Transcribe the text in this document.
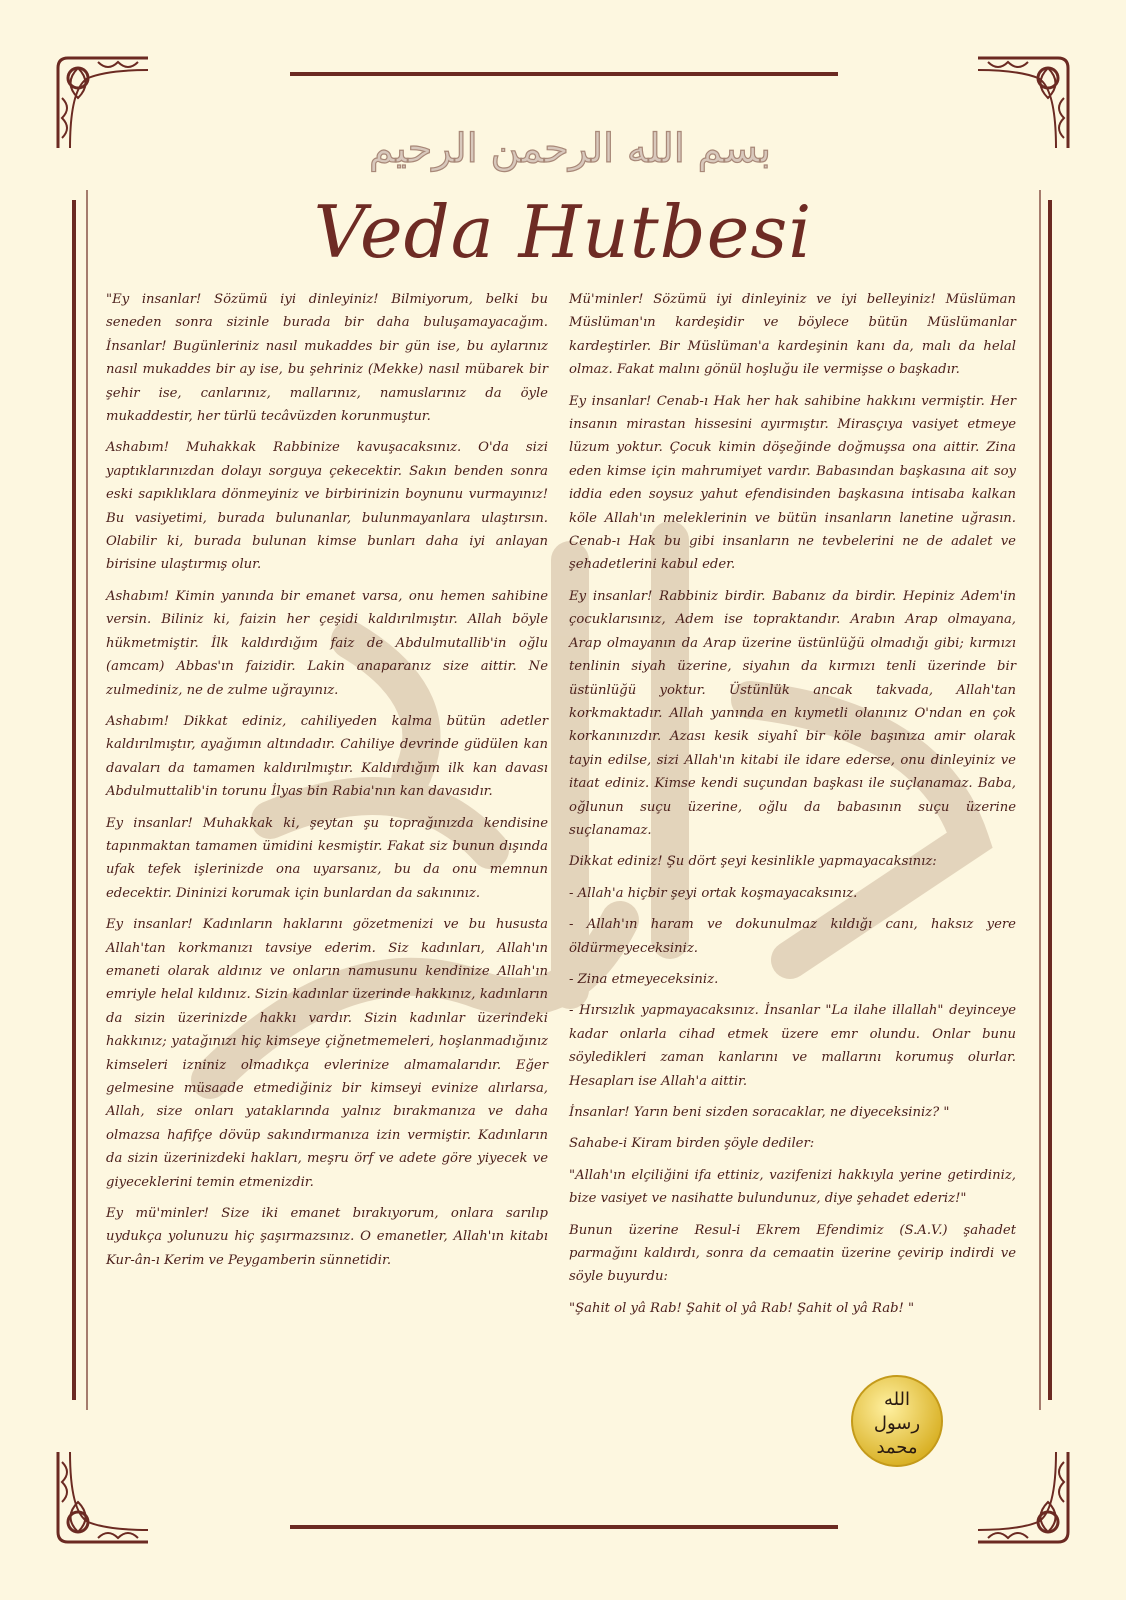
بسم الله الرحمن الرحيم
Veda Hutbesi

"Ey insanlar! Sözümü iyi dinleyiniz! Bilmiyorum, belki bu seneden sonra sizinle burada bir daha buluşamayacağım. İnsanlar! Bugünleriniz nasıl mukaddes bir gün ise, bu aylarınız nasıl mukaddes bir ay ise, bu şehriniz (Mekke) nasıl mübarek bir şehir ise, canlarınız, mallarınız, namuslarınız da öyle mukaddestir, her türlü tecâvüzden korunmuştur.

Ashabım! Muhakkak Rabbinize kavuşacaksınız. O'da sizi yaptıklarınızdan dolayı sorguya çekecektir. Sakın benden sonra eski sapıklıklara dönmeyiniz ve birbirinizin boynunu vurmayınız! Bu vasiyetimi, burada bulunanlar, bulunmayanlara ulaştırsın. Olabilir ki, burada bulunan kimse bunları daha iyi anlayan birisine ulaştırmış olur.

Ashabım! Kimin yanında bir emanet varsa, onu hemen sahibine versin. Biliniz ki, faizin her çeşidi kaldırılmıştır. Allah böyle hükmetmiştir. İlk kaldırdığım faiz de Abdulmutallib'in oğlu (amcam) Abbas'ın faizidir. Lakin anaparanız size aittir. Ne zulmediniz, ne de zulme uğrayınız.

Ashabım! Dikkat ediniz, cahiliyeden kalma bütün adetler kaldırılmıştır, ayağımın altındadır. Cahiliye devrinde güdülen kan davaları da tamamen kaldırılmıştır. Kaldırdığım ilk kan davası Abdulmuttalib'in torunu İlyas bin Rabia'nın kan davasıdır.

Ey insanlar! Muhakkak ki, şeytan şu toprağınızda kendisine tapınmaktan tamamen ümidini kesmiştir. Fakat siz bunun dışında ufak tefek işlerinizde ona uyarsanız, bu da onu memnun edecektir. Dininizi korumak için bunlardan da sakınınız.

Ey insanlar! Kadınların haklarını gözetmenizi ve bu hususta Allah'tan korkmanızı tavsiye ederim. Siz kadınları, Allah'ın emaneti olarak aldınız ve onların namusunu kendinize Allah'ın emriyle helal kıldınız. Sizin kadınlar üzerinde hakkınız, kadınların da sizin üzerinizde hakkı vardır. Sizin kadınlar üzerindeki hakkınız; yatağınızı hiç kimseye çiğnetmemeleri, hoşlanmadığınız kimseleri izniniz olmadıkça evlerinize almamalarıdır. Eğer gelmesine müsaade etmediğiniz bir kimseyi evinize alırlarsa, Allah, size onları yataklarında yalnız bırakmanıza ve daha olmazsa hafifçe dövüp sakındırmanıza izin vermiştir. Kadınların da sizin üzerinizdeki hakları, meşru örf ve adete göre yiyecek ve giyeceklerini temin etmenizdir.

Ey mü'minler! Size iki emanet bırakıyorum, onlara sarılıp uydukça yolunuzu hiç şaşırmazsınız. O emanetler, Allah'ın kitabı Kur-ân-ı Kerim ve Peygamberin sünnetidir.

Mü'minler! Sözümü iyi dinleyiniz ve iyi belleyiniz! Müslüman Müslüman'ın kardeşidir ve böylece bütün Müslümanlar kardeştirler. Bir Müslüman'a kardeşinin kanı da, malı da helal olmaz. Fakat malını gönül hoşluğu ile vermişse o başkadır.

Ey insanlar! Cenab-ı Hak her hak sahibine hakkını vermiştir. Her insanın mirastan hissesini ayırmıştır. Mirasçıya vasiyet etmeye lüzum yoktur. Çocuk kimin döşeğinde doğmuşsa ona aittir. Zina eden kimse için mahrumiyet vardır. Babasından başkasına ait soy iddia eden soysuz yahut efendisinden başkasına intisaba kalkan köle Allah'ın meleklerinin ve bütün insanların lanetine uğrasın. Cenab-ı Hak bu gibi insanların ne tevbelerini ne de adalet ve şehadetlerini kabul eder.

Ey insanlar! Rabbiniz birdir. Babanız da birdir. Hepiniz Adem'in çocuklarısınız, Adem ise topraktandır. Arabın Arap olmayana, Arap olmayanın da Arap üzerine üstünlüğü olmadığı gibi; kırmızı tenlinin siyah üzerine, siyahın da kırmızı tenli üzerinde bir üstünlüğü yoktur. Üstünlük ancak takvada, Allah'tan korkmaktadır. Allah yanında en kıymetli olanınız O'ndan en çok korkanınızdır. Azası kesik siyahî bir köle başınıza amir olarak tayin edilse, sizi Allah'ın kitabi ile idare ederse, onu dinleyiniz ve itaat ediniz. Kimse kendi suçundan başkası ile suçlanamaz. Baba, oğlunun suçu üzerine, oğlu da babasının suçu üzerine suçlanamaz.

Dikkat ediniz! Şu dört şeyi kesinlikle yapmayacaksınız:

- Allah'a hiçbir şeyi ortak koşmayacaksınız.

- Allah'ın haram ve dokunulmaz kıldığı canı, haksız yere öldürmeyeceksiniz.

- Zina etmeyeceksiniz.

- Hırsızlık yapmayacaksınız. İnsanlar "La ilahe illallah" deyinceye kadar onlarla cihad etmek üzere emr olundu. Onlar bunu söyledikleri zaman kanlarını ve mallarını korumuş olurlar. Hesapları ise Allah'a aittir.

İnsanlar! Yarın beni sizden soracaklar, ne diyeceksiniz? "

Sahabe-i Kiram birden şöyle dediler:

"Allah'ın elçiliğini ifa ettiniz, vazifenizi hakkıyla yerine getirdiniz, bize vasiyet ve nasihatte bulundunuz, diye şehadet ederiz!"

Bunun üzerine Resul-i Ekrem Efendimiz (S.A.V.) şahadet parmağını kaldırdı, sonra da cemaatin üzerine çevirip indirdi ve söyle buyurdu:

"Şahit ol yâ Rab! Şahit ol yâ Rab! Şahit ol yâ Rab! "

الله
رسول
محمد
